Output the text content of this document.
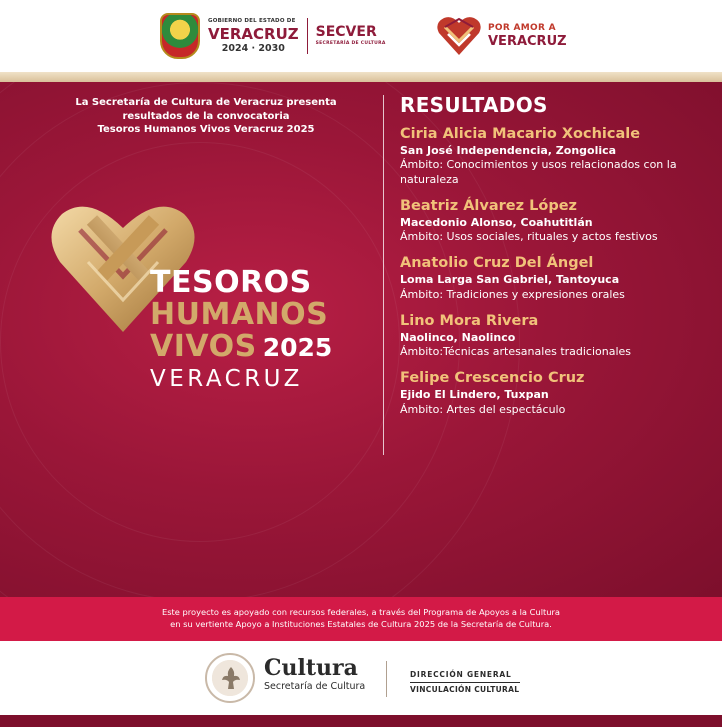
GOBIERNO DEL ESTADO DE
VERACRUZ
2024 · 2030
SECVER
SECRETARÍA DE CULTURA
POR AMOR A
VERACRUZ
La Secretaría de Cultura de Veracruz presenta
resultados de la convocatoria
Tesoros Humanos Vivos Veracruz 2025
TESOROS
HUMANOS
VIVOS 2025
VERACRUZ
RESULTADOS
Ciria Alicia Macario Xochicale
San José Independencia, Zongolica
Ámbito: Conocimientos y usos relacionados con la naturaleza
Beatriz Álvarez López
Macedonio Alonso, Coahutitlán
Ámbito: Usos sociales, rituales y actos festivos
Anatolio Cruz Del Ángel
Loma Larga San Gabriel, Tantoyuca
Ámbito: Tradiciones y expresiones orales
Lino Mora Rivera
Naolinco, Naolinco
Ámbito:Técnicas artesanales tradicionales
Felipe Crescencio Cruz
Ejido El Lindero, Tuxpan
Ámbito: Artes del espectáculo
Este proyecto es apoyado con recursos federales, a través del Programa de Apoyos a la Cultura
en su vertiente Apoyo a Instituciones Estatales de Cultura 2025 de la Secretaría de Cultura.
Cultura
Secretaría de Cultura
DIRECCIÓN GENERAL
VINCULACIÓN CULTURAL
